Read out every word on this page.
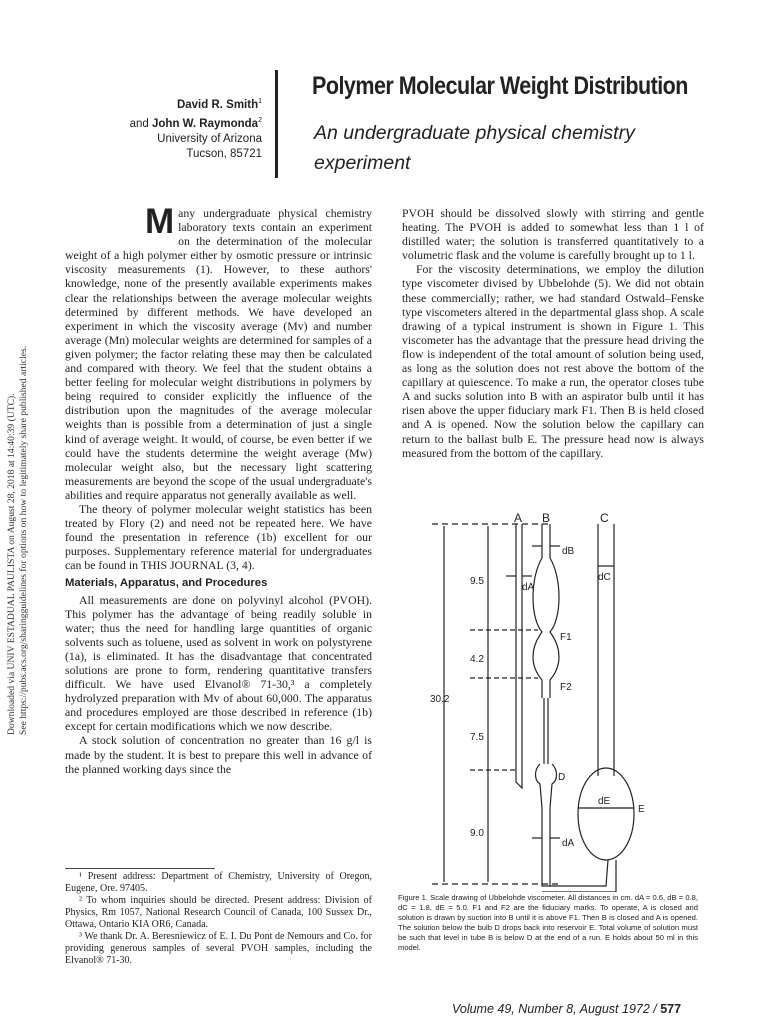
Downloaded via UNIV ESTADUAL PAULISTA on August 28, 2018 at 14:40:39 (UTC). See https://pubs.acs.org/sharingguidelines for options on how to legitimately share published articles.
David R. Smith$^1$
and John W. Raymonda$^2$
University of Arizona
Tucson, 85721
Polymer Molecular Weight Distribution
An undergraduate physical chemistry experiment

Many undergraduate physical chemistry laboratory texts contain an experiment on the determination of the molecular weight of a high polymer either by osmotic pressure or intrinsic viscosity measurements (1). However, to these authors' knowledge, none of the presently available experiments makes clear the relationships between the average molecular weights determined by different methods. We have developed an experiment in which the viscosity average (Mv) and number average (Mn) molecular weights are determined for samples of a given polymer; the factor relating these may then be calculated and compared with theory. We feel that the student obtains a better feeling for molecular weight distributions in polymers by being required to consider explicitly the influence of the distribution upon the magnitudes of the average molecular weights than is possible from a determination of just a single kind of average weight. It would, of course, be even better if we could have the students determine the weight average (Mw) molecular weight also, but the necessary light scattering measurements are beyond the scope of the usual undergraduate's abilities and require apparatus not generally available as well.

The theory of polymer molecular weight statistics has been treated by Flory (2) and need not be repeated here. We have found the presentation in reference (1b) excellent for our purposes. Supplementary reference material for undergraduates can be found in THIS JOURNAL (3, 4).

Materials, Apparatus, and Procedures

All measurements are done on polyvinyl alcohol (PVOH). This polymer has the advantage of being readily soluble in water; thus the need for handling large quantities of organic solvents such as toluene, used as solvent in work on polystyrene (1a), is eliminated. It has the disadvantage that concentrated solutions are prone to form, rendering quantitative transfers difficult. We have used Elvanol® 71-30,³ a completely hydrolyzed preparation with Mv of about 60,000. The apparatus and procedures employed are those described in reference (1b) except for certain modifications which we now describe.

A stock solution of concentration no greater than 16 g/l is made by the student. It is best to prepare this well in advance of the planned working days since the

¹ Present address: Department of Chemistry, University of Oregon, Eugene, Ore. 97405.

² To whom inquiries should be directed. Present address: Division of Physics, Rm 1057, National Research Council of Canada, 100 Sussex Dr., Ottawa, Ontario KIA OR6, Canada.

³ We thank Dr. A. Beresniewicz of E. I. Du Pont de Nemours and Co. for providing generous samples of several PVOH samples, including the Elvanol® 71-30.

PVOH should be dissolved slowly with stirring and gentle heating. The PVOH is added to somewhat less than 1 l of distilled water; the solution is transferred quantitatively to a volumetric flask and the volume is carefully brought up to 1 l.

For the viscosity determinations, we employ the dilution type viscometer divised by Ubbelohde (5). We did not obtain these commercially; rather, we had standard Ostwald–Fenske type viscometers altered in the departmental glass shop. A scale drawing of a typical instrument is shown in Figure 1. This viscometer has the advantage that the pressure head driving the flow is independent of the total amount of solution being used, as long as the solution does not rest above the bottom of the capillary at quiescence. To make a run, the operator closes tube A and sucks solution into B with an aspirator bulb until it has risen above the upper fiduciary mark F1. Then B is held closed and A is opened. Now the solution below the capillary can return to the ballast bulb E. The pressure head now is always measured from the bottom of the capillary.

A B	C
dB
dC
dA
F1
F2
D
dE
E
dA
9.5
4.2
30.2
7.5
9.0
Figure 1. Scale drawing of Ubbelohde viscometer. All distances in cm. dA = 0.6, dB = 0.8, dC = 1.8, dE = 5.0. F1 and F2 are the fiduciary marks. To operate, A is closed and solution is drawn by suction into B until it is above F1. Then B is closed and A is opened. The solution below the bulb D drops back into reservoir E. Total volume of solution must be such that level in tube B is below D at the end of a run. E holds about 50 ml in this model.
Volume 49, Number 8, August 1972 / 577
